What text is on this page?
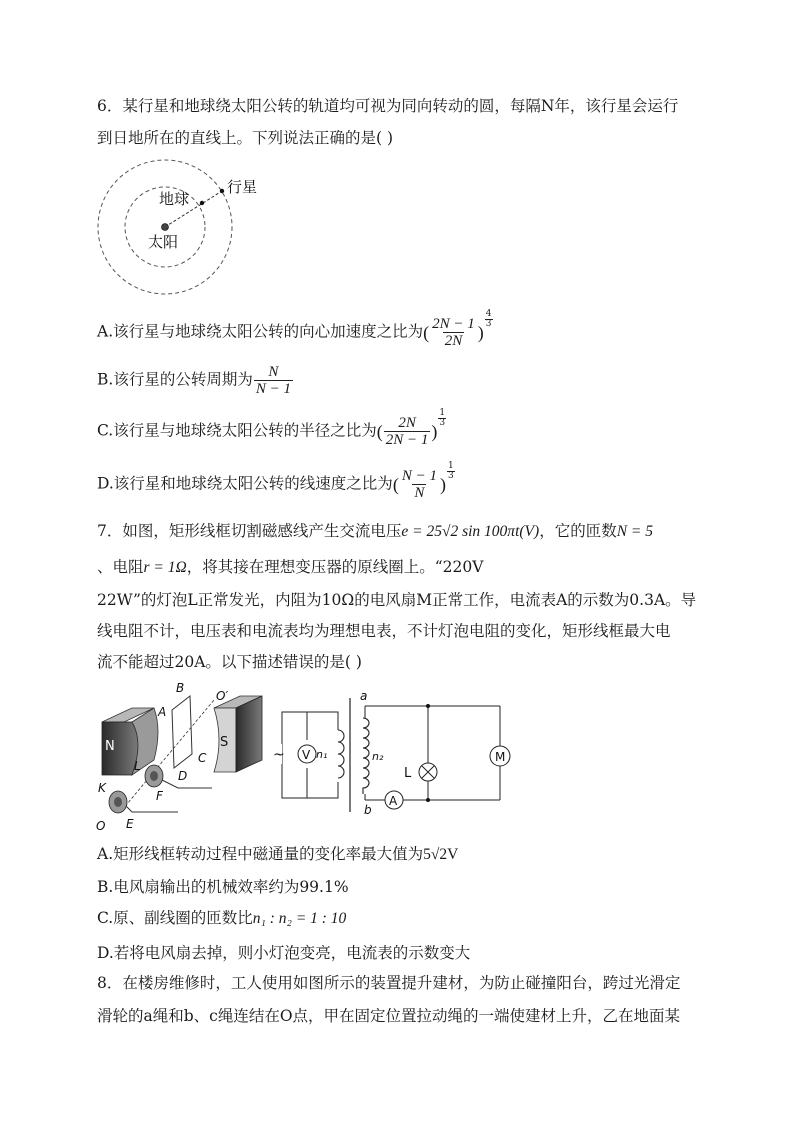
6．某行星和地球绕太阳公转的轨道均可视为同向转动的圆，每隔N年，该行星会运行
到日地所在的直线上。下列说法正确的是( )
行星
地球
太阳
A.该行星与地球绕太阳公转的向心加速度之比为( $\frac{2N - 1}{2N}$ )
$\frac{4}{3}$
B.该行星的公转周期为 $\frac{N}{N - 1}$
C.该行星与地球绕太阳公转的半径之比为( $\frac{2N}{2N - 1}$ )
$\frac{1}{3}$
D.该行星和地球绕太阳公转的线速度之比为( $\frac{N - 1}{N}$ )
$\frac{1}{3}$
7．如图，矩形线框切割磁感线产生交流电压e = 25√2 sin 100πt(V)，它的匝数N = 5
、电阻r = 1Ω，将其接在理想变压器的原线圈上。“220V
22W”的灯泡L正常发光，内阻为10Ω的电风扇M正常工作，电流表A的示数为0.3A。导
线电阻不计，电压表和电流表均为理想电表，不计灯泡电阻的变化，矩形线框最大电
流不能超过20A。以下描述错误的是( )
N	S
B
A
O′
C
L
D
F
K
E
O
~ V n₁
a
b
n₂
L
M
A
A.矩形线框转动过程中磁通量的变化率最大值为5√2V
B.电风扇输出的机械效率约为99.1%
C.原、副线圈的匝数比n₁ : n₂ = 1 : 10
D.若将电风扇去掉，则小灯泡变亮，电流表的示数变大
8．在楼房维修时，工人使用如图所示的装置提升建材，为防止碰撞阳台，跨过光滑定
滑轮的a绳和b、c绳连结在O点，甲在固定位置拉动绳的一端使建材上升，乙在地面某
